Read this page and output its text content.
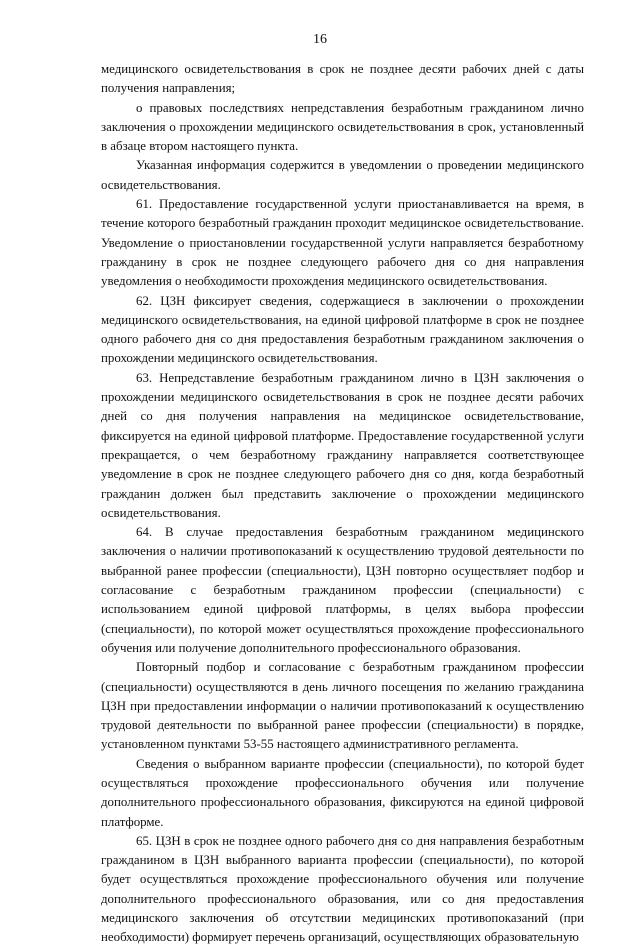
16

медицинского освидетельствования в срок не позднее десяти рабочих дней с даты получения направления;

о правовых последствиях непредставления безработным гражданином лично заключения о прохождении медицинского освидетельствования в срок, установленный в абзаце втором настоящего пункта.

Указанная информация содержится в уведомлении о проведении медицинского освидетельствования.

61. Предоставление государственной услуги приостанавливается на время, в течение которого безработный гражданин проходит медицинское освидетельствование. Уведомление о приостановлении государственной услуги направляется безработному гражданину в срок не позднее следующего рабочего дня со дня направления уведомления о необходимости прохождения медицинского освидетельствования.

62. ЦЗН фиксирует сведения, содержащиеся в заключении о прохождении медицинского освидетельствования, на единой цифровой платформе в срок не позднее одного рабочего дня со дня предоставления безработным гражданином заключения о прохождении медицинского освидетельствования.

63. Непредставление безработным гражданином лично в ЦЗН заключения о прохождении медицинского освидетельствования в срок не позднее десяти рабочих дней со дня получения направления на медицинское освидетельствование, фиксируется на единой цифровой платформе. Предоставление государственной услуги прекращается, о чем безработному гражданину направляется соответствующее уведомление в срок не позднее следующего рабочего дня со дня, когда безработный гражданин должен был представить заключение о прохождении медицинского освидетельствования.

64. В случае предоставления безработным гражданином медицинского заключения о наличии противопоказаний к осуществлению трудовой деятельности по выбранной ранее профессии (специальности), ЦЗН повторно осуществляет подбор и согласование с безработным гражданином профессии (специальности) с использованием единой цифровой платформы, в целях выбора профессии (специальности), по которой может осуществляться прохождение профессионального обучения или получение дополнительного профессионального образования.

Повторный подбор и согласование с безработным гражданином профессии (специальности) осуществляются в день личного посещения по желанию гражданина ЦЗН при предоставлении информации о наличии противопоказаний к осуществлению трудовой деятельности по выбранной ранее профессии (специальности) в порядке, установленном пунктами 53-55 настоящего административного регламента.

Сведения о выбранном варианте профессии (специальности), по которой будет осуществляться прохождение профессионального обучения или получение дополнительного профессионального образования, фиксируются на единой цифровой платформе.

65. ЦЗН в срок не позднее одного рабочего дня со дня направления безработным гражданином в ЦЗН выбранного варианта профессии (специальности), по которой будет осуществляться прохождение профессионального обучения или получение дополнительного профессионального образования, или со дня предоставления медицинского заключения об отсутствии медицинских противопоказаний (при необходимости) формирует перечень организаций, осуществляющих образовательную
